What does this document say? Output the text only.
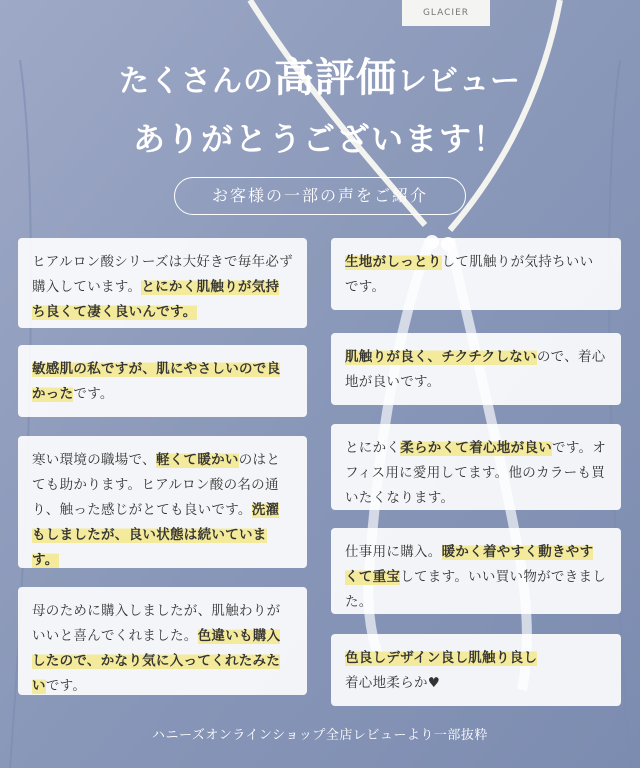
GLACIER
たくさんの高評価レビュー
ありがとうございます！
お客様の一部の声をご紹介
ヒアルロン酸シリーズは大好きで毎年必ず購入しています。とにかく肌触りが気持ち良くて凄く良いんです。
敏感肌の私ですが、肌にやさしいので良かったです。
寒い環境の職場で、軽くて暖かいのはとても助かります。ヒアルロン酸の名の通り、触った感じがとても良いです。洗濯もしましたが、良い状態は続いています。
母のために購入しましたが、肌触わりがいいと喜んでくれました。色違いも購入したので、かなり気に入ってくれたみたいです。
生地がしっとりして肌触りが気持ちいいです。
肌触りが良く、チクチクしないので、着心地が良いです。
とにかく柔らかくて着心地が良いです。オフィス用に愛用してます。他のカラーも買いたくなります。
仕事用に購入。暖かく着やすく動きやすくて重宝してます。いい買い物ができました。
色良しデザイン良し肌触り良し
着心地柔らか♥
ハニーズオンラインショップ全店レビューより一部抜粋
